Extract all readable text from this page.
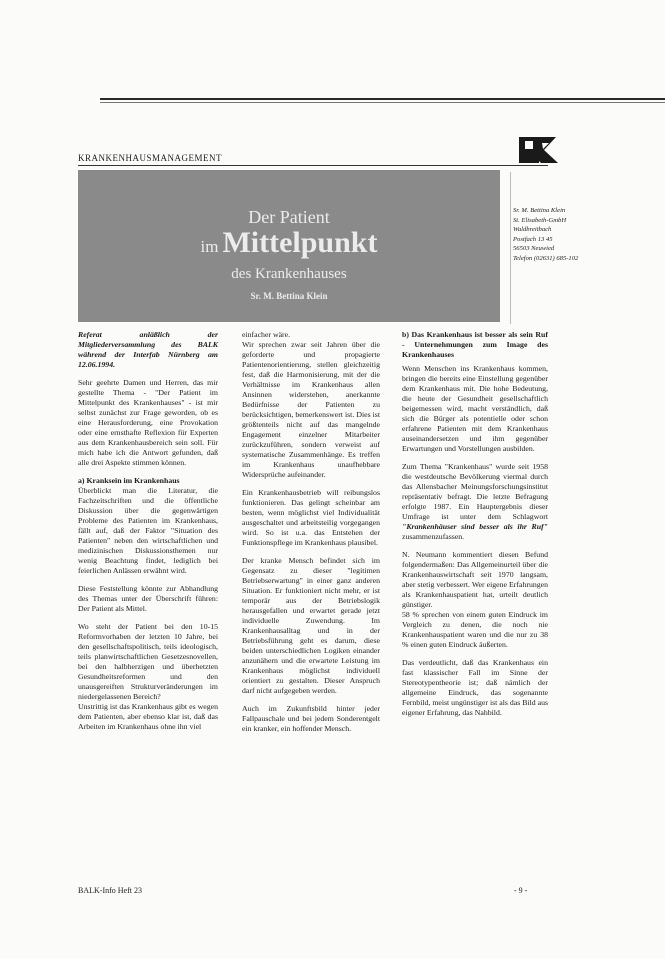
KRANKENHAUSMANAGEMENT
Der Patient
im Mittelpunkt
des Krankenhauses
Sr. M. Bettina Klein
Sr. M. Bettina Klein
St. Elisabeth-GmbH
Waldbreitbach
Postfach 13 45
56503 Neuwied
Telefon (02631) 685-102

Referat anläßlich der Mitgliederversammlung des BALK während der Interfab Nürnberg am 12.06.1994.

Sehr geehrte Damen und Herren, das mir gestellte Thema - "Der Patient im Mittelpunkt des Krankenhauses" - ist mir selbst zunächst zur Frage geworden, ob es eine Herausforderung, eine Provokation oder eine ernsthafte Reflexion für Experten aus dem Krankenhausbereich sein soll. Für mich habe ich die Antwort gefunden, daß alle drei Aspekte stimmen können.

a) Kranksein im Krankenhaus

Überblickt man die Literatur, die Fachzeitschriften und die öffentliche Diskussion über die gegenwärtigen Probleme des Patienten im Krankenhaus, fällt auf, daß der Faktor "Situation des Patienten" neben den wirtschaftlichen und medizinischen Diskussionsthemen nur wenig Beachtung findet, lediglich bei feierlichen Anlässen erwähnt wird.

Diese Feststellung könnte zur Abhandlung des Themas unter der Überschrift führen: Der Patient als Mittel.

Wo steht der Patient bei den 10-15 Reformvorhaben der letzten 10 Jahre, bei den gesellschaftspolitisch, teils ideologisch, teils planwirtschaftlichen Gesetzesnovellen, bei den halbherzigen und überhetzten Gesundheitsreformen und den unausgereiften Strukturveränderungen im niedergelassenen Bereich?

Unstrittig ist das Krankenhaus gibt es wegen dem Patienten, aber ebenso klar ist, daß das Arbeiten im Krankenhaus ohne ihn viel

einfacher wäre.

Wir sprechen zwar seit Jahren über die geforderte und propagierte Patientenorientierung, stellen gleichzeitig fest, daß die Harmonisierung, mit der die Verhältnisse im Krankenhaus allen Ansinnen widerstehen, anerkannte Bedürfnisse der Patienten zu berücksichtigen, bemerkenswert ist. Dies ist größtenteils nicht auf das mangelnde Engagement einzelner Mitarbeiter zurückzuführen, sondern verweist auf systematische Zusammenhänge. Es treffen im Krankenhaus unaufhebbare Widersprüche aufeinander.

Ein Krankenhausbetrieb will reibungslos funktionieren. Das gelingt scheinbar am besten, wenn möglichst viel Individualität ausgeschaltet und arbeitsteilig vorgegangen wird. So ist u.a. das Entstehen der Funktionspflege im Krankenhaus plausibel.

Der kranke Mensch befindet sich im Gegensatz zu dieser "legitimen Betriebserwartung" in einer ganz anderen Situation. Er funktioniert nicht mehr, er ist temporär aus der Betriebslogik herausgefallen und erwartet gerade jetzt individuelle Zuwendung. Im Krankenhausalltag und in der Betriebsführung geht es darum, diese beiden unterschiedlichen Logiken einander anzunähern und die erwartete Leistung im Krankenhaus möglichst individuell orientiert zu gestalten. Dieser Anspruch darf nicht aufgegeben werden.

Auch im Zukunftsbild hinter jeder Fallpauschale und bei jedem Sonderentgelt ein kranker, ein hoffender Mensch.

b) Das Krankenhaus ist besser als sein Ruf - Unternehmungen zum Image des Krankenhauses

Wenn Menschen ins Krankenhaus kommen, bringen die bereits eine Einstellung gegenüber dem Krankenhaus mit. Die hohe Bedeutung, die heute der Gesundheit gesellschaftlich beigemessen wird, macht verständlich, daß sich die Bürger als potentielle oder schon erfahrene Patienten mit dem Krankenhaus auseinandersetzen und ihm gegenüber Erwartungen und Vorstellungen ausbilden.

Zum Thema "Krankenhaus" wurde seit 1958 die westdeutsche Bevölkerung viermal durch das Allensbacher Meinungsforschungsinstitut repräsentativ befragt. Die letzte Befragung erfolgte 1987. Ein Hauptergebnis dieser Umfrage ist unter dem Schlagwort "Krankenhäuser sind besser als ihr Ruf" zusammenzufassen.

N. Neumann kommentiert diesen Befund folgendermaßen: Das Allgemeinurteil über die Krankenhauswirtschaft seit 1970 langsam, aber stetig verbessert. Wer eigene Erfahrungen als Krankenhauspatient hat, urteilt deutlich günstiger.

58 % sprechen von einem guten Eindruck im Vergleich zu denen, die noch nie Krankenhauspatient waren und die nur zu 38 % einen guten Eindruck äußerten.

Das verdeutlicht, daß das Krankenhaus ein fast klassischer Fall im Sinne der Stereotypentheorie ist; daß nämlich der allgemeine Eindruck, das sogenannte Fernbild, meist ungünstiger ist als das Bild aus eigener Erfahrung, das Nahbild.

BALK-Info Heft 23	- 9 -
